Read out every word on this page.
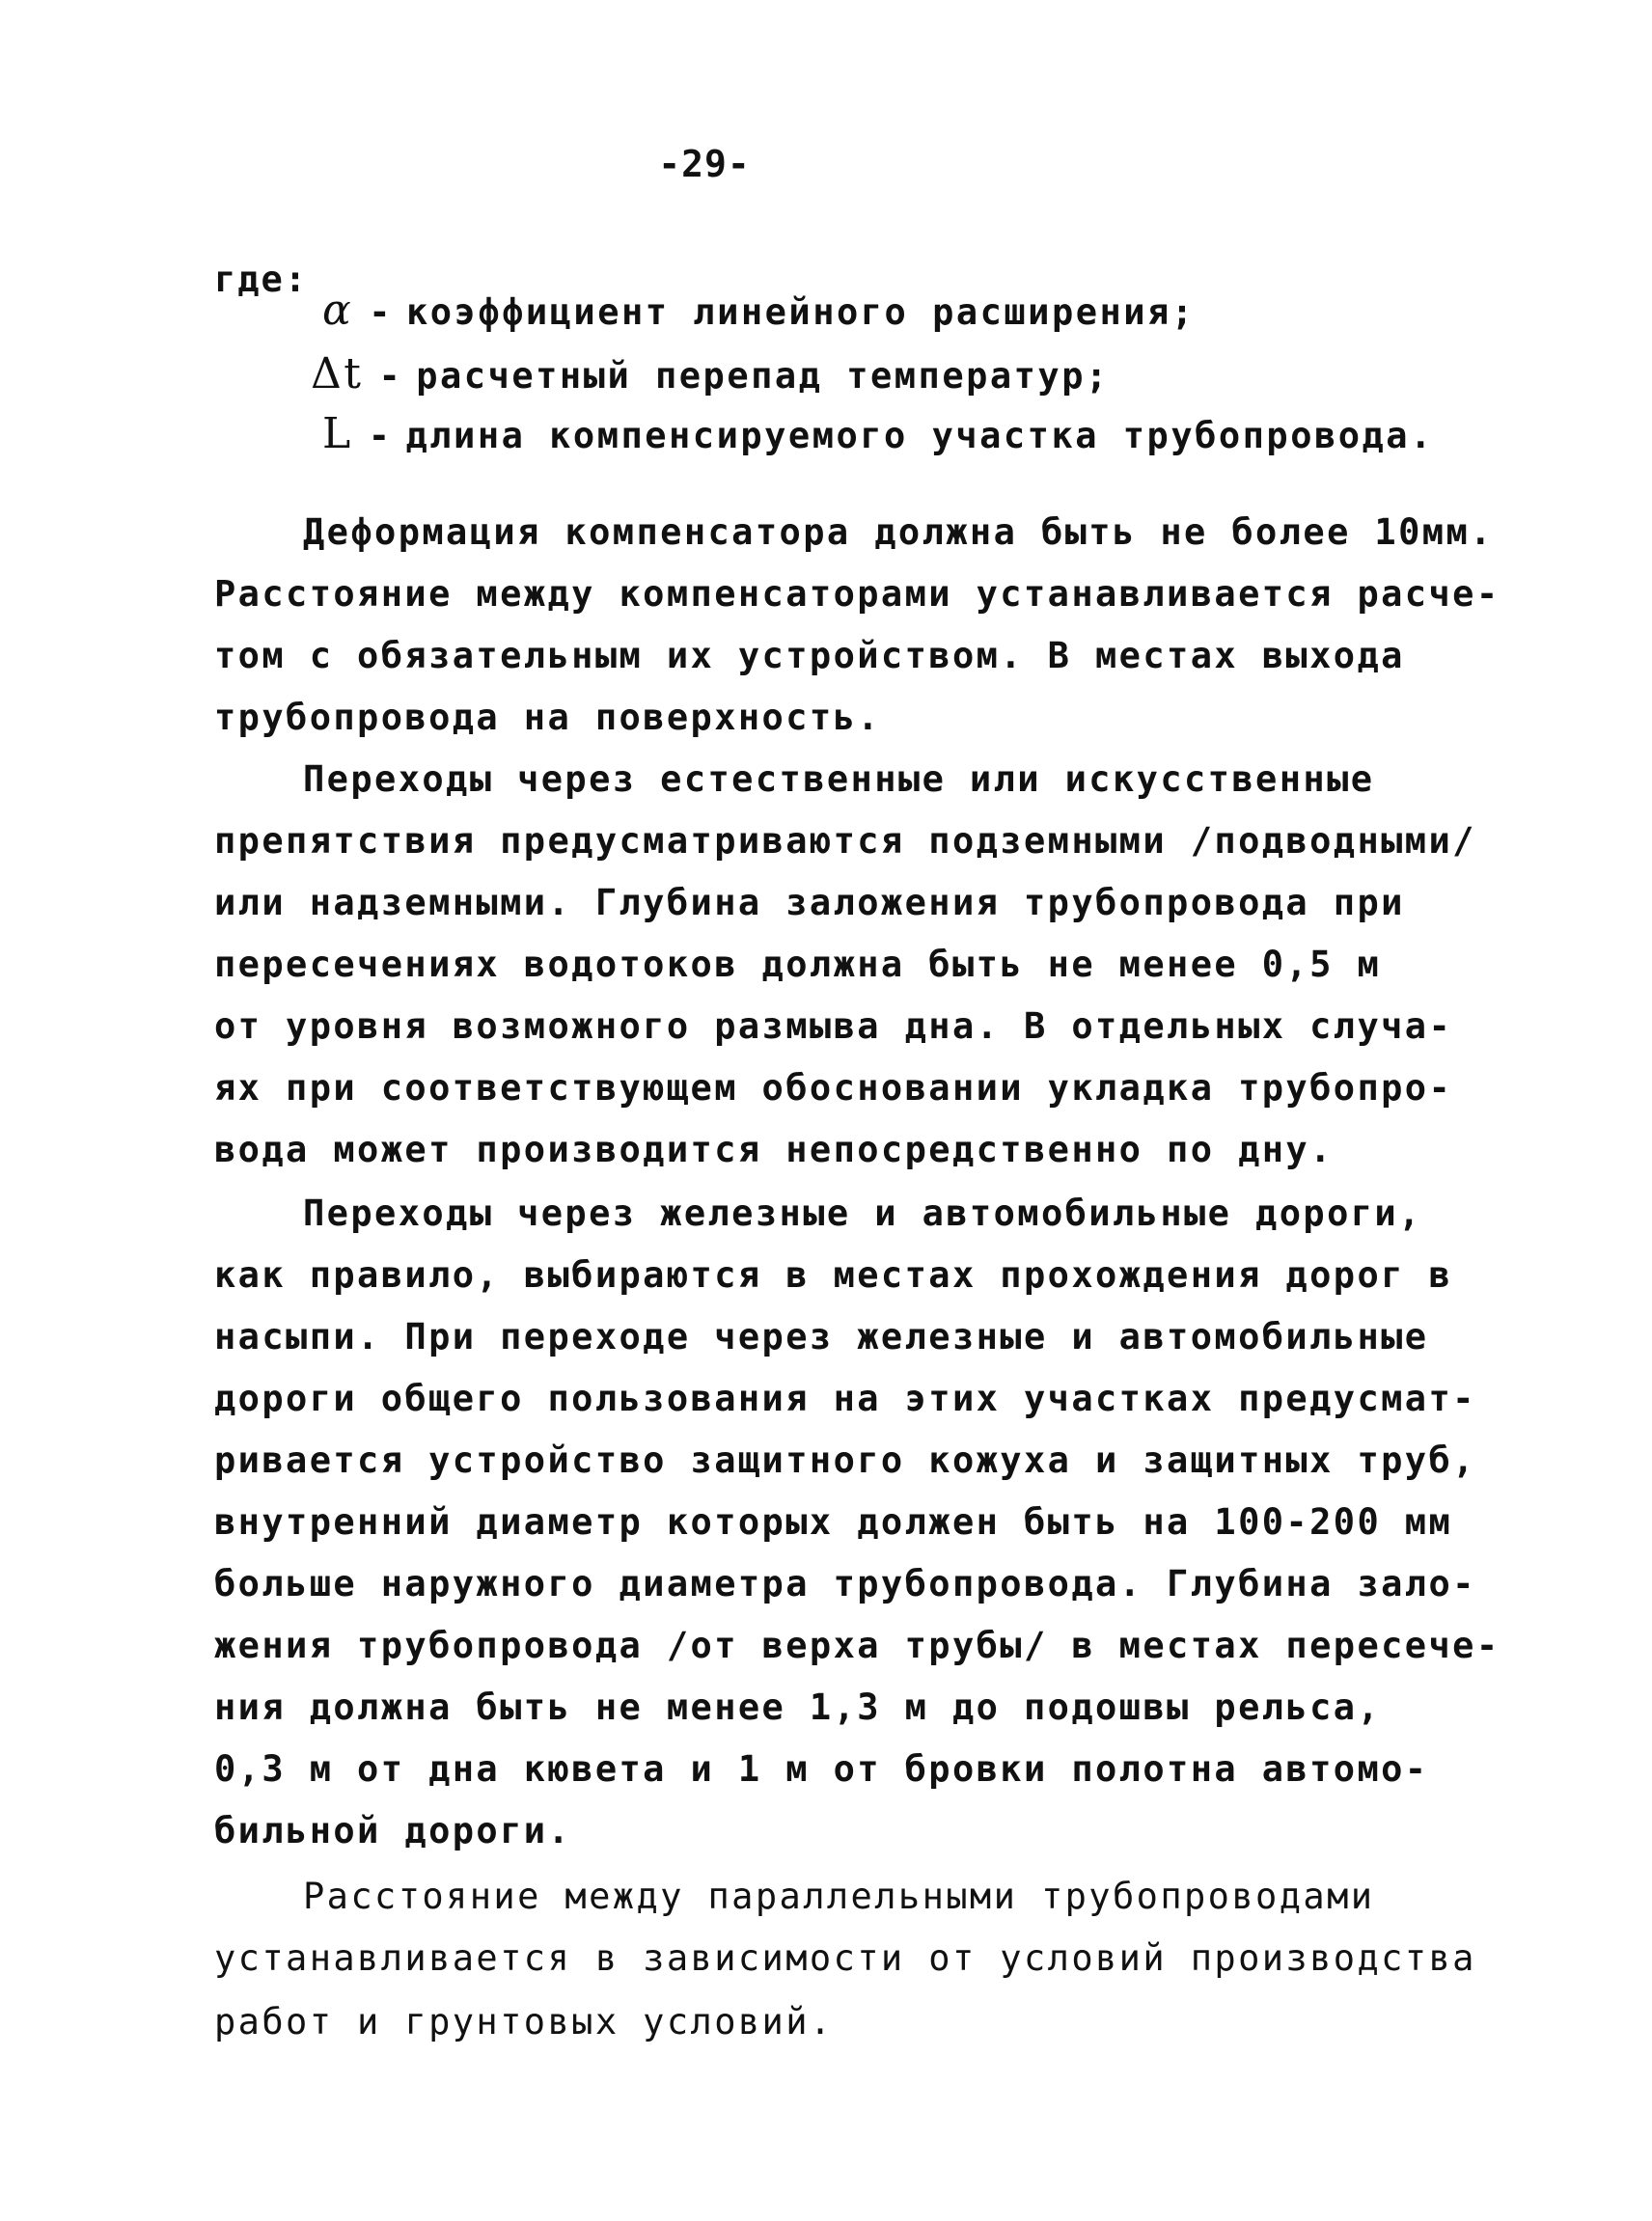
-29-
где:
α - коэффициент линейного расширения;
Δt - расчетный перепад температур;
L - длина компенсируемого участка трубопровода.
Деформация компенсатора должна быть не более 10мм.
Расстояние между компенсаторами устанавливается расче-
том с обязательным их устройством. В местах выхода
трубопровода на поверхность.
Переходы через естественные или искусственные
препятствия предусматриваются подземными /подводными/
или надземными. Глубина заложения трубопровода при
пересечениях водотоков должна быть не менее 0,5 м
от уровня возможного размыва дна. В отдельных случа-
ях при соответствующем обосновании укладка трубопро-
вода может производится непосредственно по дну.
Переходы через железные и автомобильные дороги,
как правило, выбираются в местах прохождения дорог в
насыпи. При переходе через железные и автомобильные
дороги общего пользования на этих участках предусмат-
ривается устройство защитного кожуха и защитных труб,
внутренний диаметр которых должен быть на 100-200 мм
больше наружного диаметра трубопровода. Глубина зало-
жения трубопровода /от верха трубы/ в местах пересече-
ния должна быть не менее 1,3 м до подошвы рельса,
0,3 м от дна кювета и 1 м от бровки полотна автомо-
бильной дороги.
Расстояние между параллельными трубопроводами
устанавливается в зависимости от условий производства
работ и грунтовых условий.
